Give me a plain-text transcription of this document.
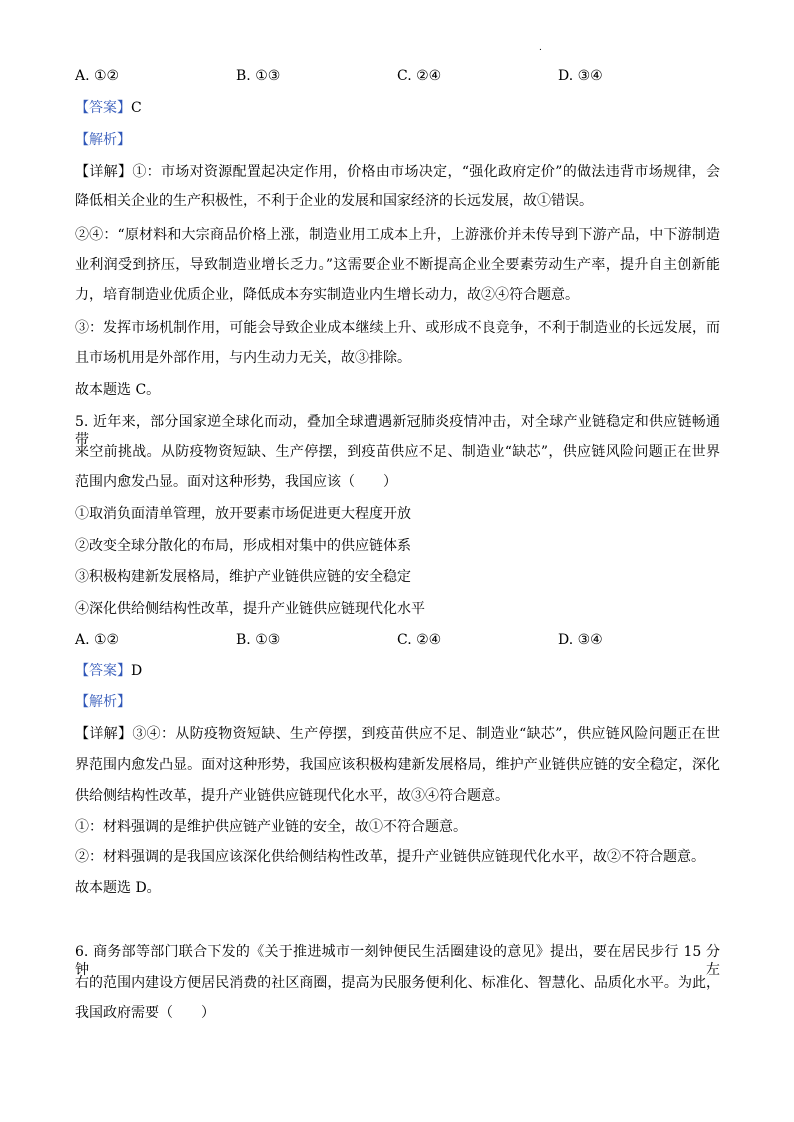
.
A. ①②	B. ①③	C. ②④	D. ③④
【答案】C
【解析】
【详解】①：市场对资源配置起决定作用，价格由市场决定，“强化政府定价”的做法违背市场规律，会
降低相关企业的生产积极性，不利于企业的发展和国家经济的长远发展，故①错误。
②④：“原材料和大宗商品价格上涨，制造业用工成本上升，上游涨价并未传导到下游产品，中下游制造
业利润受到挤压，导致制造业增长乏力。”这需要企业不断提高企业全要素劳动生产率，提升自主创新能
力，培育制造业优质企业，降低成本夯实制造业内生增长动力，故②④符合题意。
③：发挥市场机制作用，可能会导致企业成本继续上升、或形成不良竞争，不利于制造业的长远发展，而
且市场机用是外部作用，与内生动力无关，故③排除。
故本题选 C。
5. 近年来，部分国家逆全球化而动，叠加全球遭遇新冠肺炎疫情冲击，对全球产业链稳定和供应链畅通带
来空前挑战。从防疫物资短缺、生产停摆，到疫苗供应不足、制造业“缺芯”，供应链风险问题正在世界
范围内愈发凸显。面对这种形势，我国应该（　　）
①取消负面清单管理，放开要素市场促进更大程度开放
②改变全球分散化的布局，形成相对集中的供应链体系
③积极构建新发展格局，维护产业链供应链的安全稳定
④深化供给侧结构性改革，提升产业链供应链现代化水平
A. ①②	B. ①③	C. ②④	D. ③④
【答案】D
【解析】
【详解】③④：从防疫物资短缺、生产停摆，到疫苗供应不足、制造业“缺芯”，供应链风险问题正在世
界范围内愈发凸显。面对这种形势，我国应该积极构建新发展格局，维护产业链供应链的安全稳定，深化
供给侧结构性改革，提升产业链供应链现代化水平，故③④符合题意。
①：材料强调的是维护供应链产业链的安全，故①不符合题意。
②：材料强调的是我国应该深化供给侧结构性改革，提升产业链供应链现代化水平，故②不符合题意。
故本题选 D。
6. 商务部等部门联合下发的《关于推进城市一刻钟便民生活圈建设的意见》提出，要在居民步行 15 分钟左
右的范围内建设方便居民消费的社区商圈，提高为民服务便利化、标准化、智慧化、品质化水平。为此，
我国政府需要（　　）
